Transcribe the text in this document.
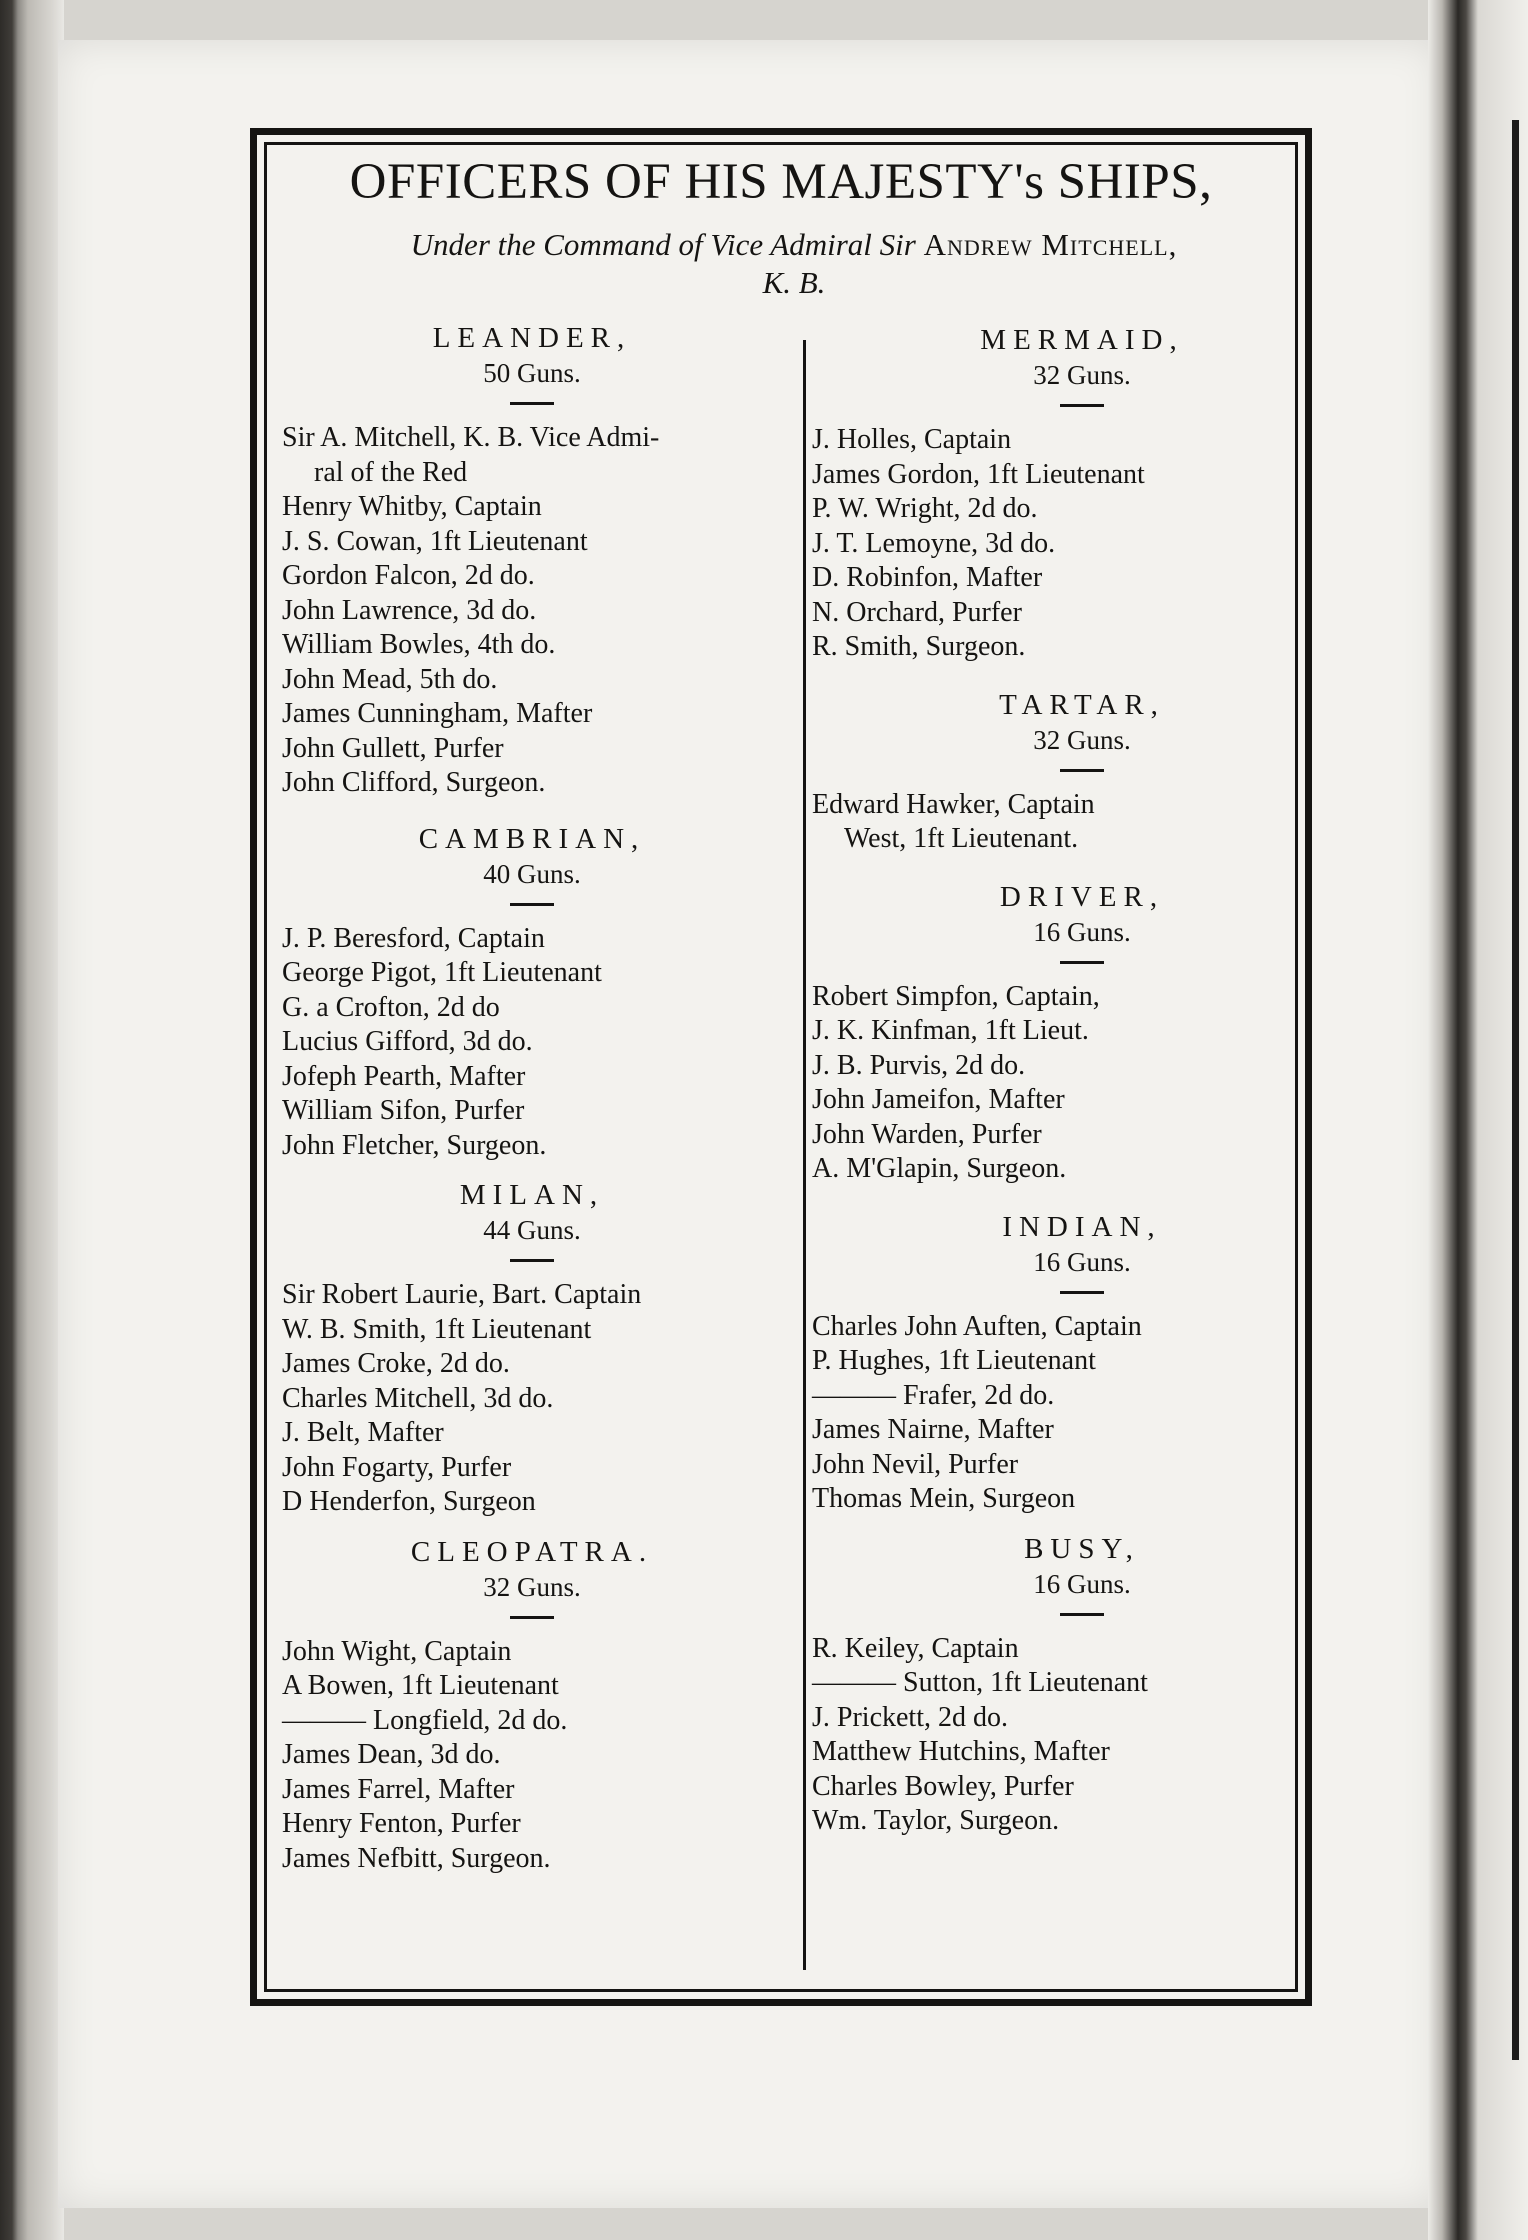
OFFICERS OF HIS MAJESTY's SHIPS,
Under the Command of Vice Admiral Sir Andrew Mitchell,
K. B.
LEANDER,
50 Guns.
Sir A. Mitchell, K. B. Vice Admi-
ral of the Red
Henry Whitby, Captain
J. S. Cowan, 1ft Lieutenant
Gordon Falcon, 2d do.
John Lawrence, 3d do.
William Bowles, 4th do.
John Mead, 5th do.
James Cunningham, Mafter
John Gullett, Purfer
John Clifford, Surgeon.
CAMBRIAN,
40 Guns.
J. P. Beresford, Captain
George Pigot, 1ft Lieutenant
G. a Crofton, 2d do
Lucius Gifford, 3d do.
Jofeph Pearth, Mafter
William Sifon, Purfer
John Fletcher, Surgeon.
MILAN,
44 Guns.
Sir Robert Laurie, Bart. Captain
W. B. Smith, 1ft Lieutenant
James Croke, 2d do.
Charles Mitchell, 3d do.
J. Belt, Mafter
John Fogarty, Purfer
D Henderfon, Surgeon
CLEOPATRA.
32 Guns.
John Wight, Captain
A Bowen, 1ft Lieutenant
——— Longfield, 2d do.
James Dean, 3d do.
James Farrel, Mafter
Henry Fenton, Purfer
James Nefbitt, Surgeon.
MERMAID,
32 Guns.
J. Holles, Captain
James Gordon, 1ft Lieutenant
P. W. Wright, 2d do.
J. T. Lemoyne, 3d do.
D. Robinfon, Mafter
N. Orchard, Purfer
R. Smith, Surgeon.
TARTAR,
32 Guns.
Edward Hawker, Captain
West, 1ft Lieutenant.
DRIVER,
16 Guns.
Robert Simpfon, Captain,
J. K. Kinfman, 1ft Lieut.
J. B. Purvis, 2d do.
John Jameifon, Mafter
John Warden, Purfer
A. M'Glapin, Surgeon.
INDIAN,
16 Guns.
Charles John Auften, Captain
P. Hughes, 1ft Lieutenant
——— Frafer, 2d do.
James Nairne, Mafter
John Nevil, Purfer
Thomas Mein, Surgeon
BUSY,
16 Guns.
R. Keiley, Captain
——— Sutton, 1ft Lieutenant
J. Prickett, 2d do.
Matthew Hutchins, Mafter
Charles Bowley, Purfer
Wm. Taylor, Surgeon.
